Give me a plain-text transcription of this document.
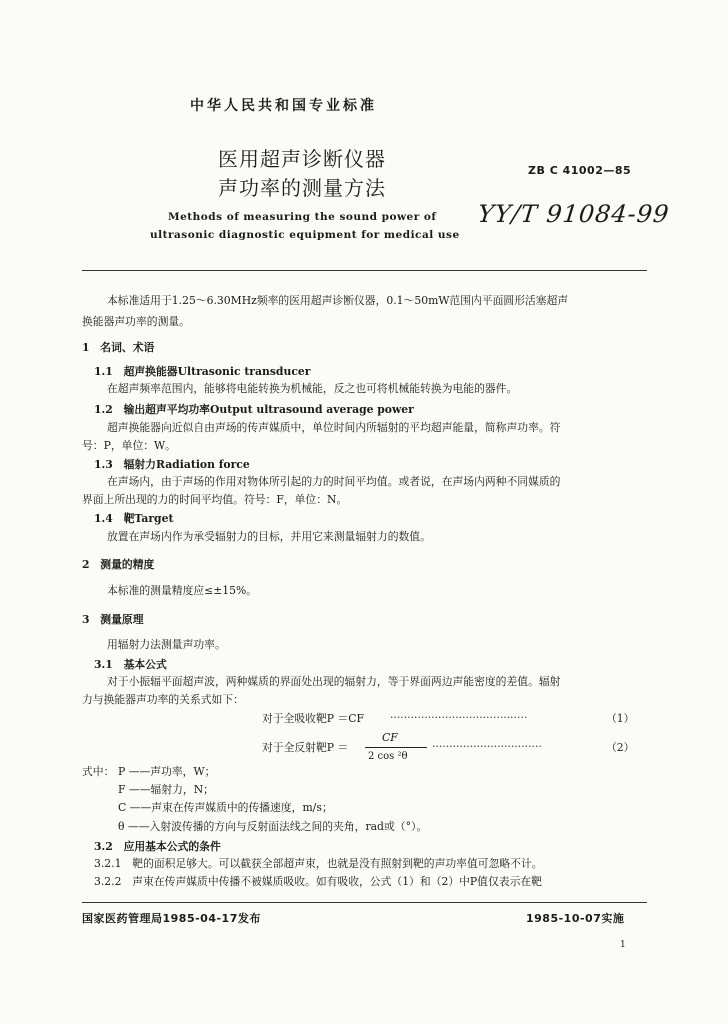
中华人民共和国专业标准
医用超声诊断仪器
声功率的测量方法
ZB C 41002—85
YY/T 91084-99
Methods of measuring the sound power of
ultrasonic diagnostic equipment for medical use
本标准适用于1.25～6.30MHz频率的医用超声诊断仪器，0.1～50mW范围内平面圆形活塞超声
换能器声功率的测量。
1　名词、术语
1.1　超声换能器Ultrasonic transducer
在超声频率范围内，能够将电能转换为机械能，反之也可将机械能转换为电能的器件。
1.2　输出超声平均功率Output ultrasound average power
超声换能器向近似自由声场的传声媒质中，单位时间内所辐射的平均超声能量，简称声功率。符
号：P，单位：W。
1.3　辐射力Radiation force
在声场内，由于声场的作用对物体所引起的力的时间平均值。或者说，在声场内两种不同媒质的
界面上所出现的力的时间平均值。符号：F，单位：N。
1.4　靶Target
放置在声场内作为承受辐射力的目标，并用它来测量辐射力的数值。
2　测量的精度
本标准的测量精度应≤±15%。
3　测量原理
用辐射力法测量声功率。
3.1　基本公式
对于小振辐平面超声波，两种媒质的界面处出现的辐射力，等于界面两边声能密度的差值。辐射
力与换能器声功率的关系式如下：
对于全吸收靶P ＝CF ········································	（1）
CF
对于全反射靶P ＝
2 cos ²θ
································	（2）
式中： P ——声功率，W；
F ——辐射力，N；
C ——声束在传声媒质中的传播速度，m/s；
θ ——入射波传播的方向与反射面法线之间的夹角，rad或（°）。
3.2　应用基本公式的条件
3.2.1　靶的面积足够大。可以截获全部超声束，也就是没有照射到靶的声功率值可忽略不计。
3.2.2　声束在传声媒质中传播不被媒质吸收。如有吸收，公式（1）和（2）中P值仅表示在靶
国家医药管理局1985-04-17发布	1985-10-07实施
1
